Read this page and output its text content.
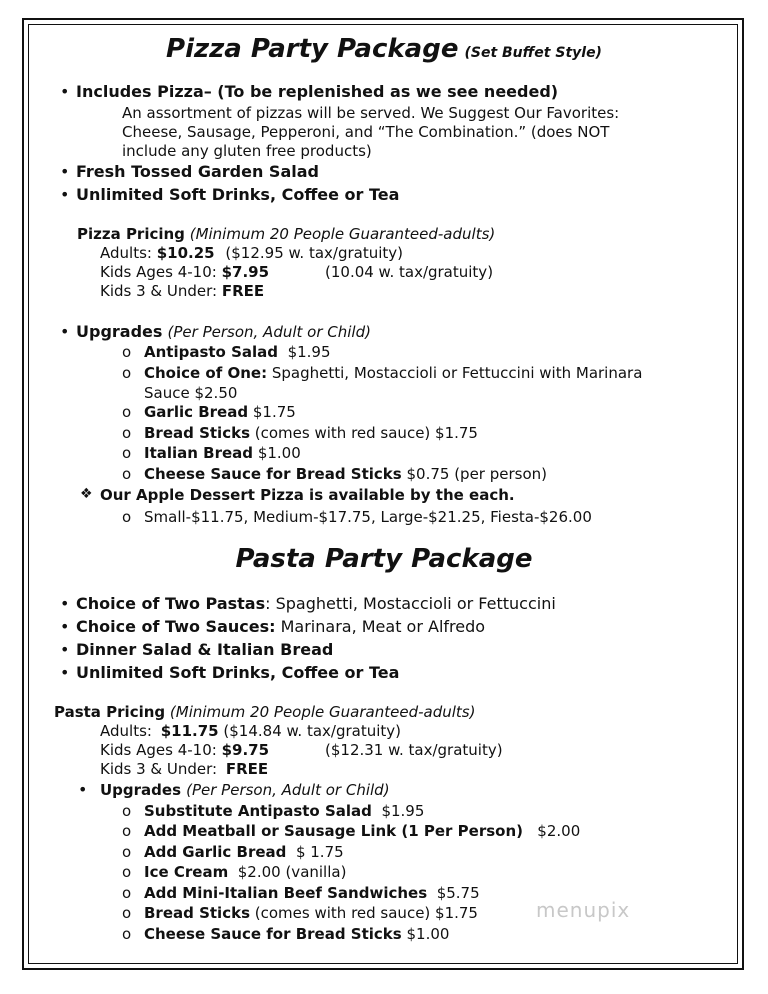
Pizza Party Package (Set Buffet Style)
• Includes Pizza– (To be replenished as we see needed)
An assortment of pizzas will be served. We Suggest Our Favorites:
Cheese, Sausage, Pepperoni, and “The Combination.” (does NOT
include any gluten free products)
• Fresh Tossed Garden Salad
• Unlimited Soft Drinks, Coffee or Tea
Pizza Pricing (Minimum 20 People Guaranteed-adults)
Adults: $10.25 ($12.95 w. tax/gratuity)
Kids Ages 4-10: $7.95	(10.04 w. tax/gratuity)
Kids 3 & Under: FREE
• Upgrades (Per Person, Adult or Child)
o Antipasto Salad $1.95
o Choice of One: Spaghetti, Mostaccioli or Fettuccini with Marinara
Sauce $2.50
o Garlic Bread $1.75
o Bread Sticks (comes with red sauce) $1.75
o Italian Bread $1.00
o Cheese Sauce for Bread Sticks $0.75 (per person)
❖ Our Apple Dessert Pizza is available by the each.
o Small-$11.75, Medium-$17.75, Large-$21.25, Fiesta-$26.00
Pasta Party Package
• Choice of Two Pastas: Spaghetti, Mostaccioli or Fettuccini
• Choice of Two Sauces: Marinara, Meat or Alfredo
• Dinner Salad & Italian Bread
• Unlimited Soft Drinks, Coffee or Tea
Pasta Pricing (Minimum 20 People Guaranteed-adults)
Adults: $11.75 ($14.84 w. tax/gratuity)
Kids Ages 4-10: $9.75	($12.31 w. tax/gratuity)
Kids 3 & Under: FREE
• Upgrades (Per Person, Adult or Child)
o Substitute Antipasto Salad $1.95
o Add Meatball or Sausage Link (1 Per Person) $2.00
o Add Garlic Bread $ 1.75
o Ice Cream $2.00 (vanilla)
o Add Mini-Italian Beef Sandwiches $5.75
o Bread Sticks (comes with red sauce) $1.75
o Cheese Sauce for Bread Sticks $1.00
menupix
